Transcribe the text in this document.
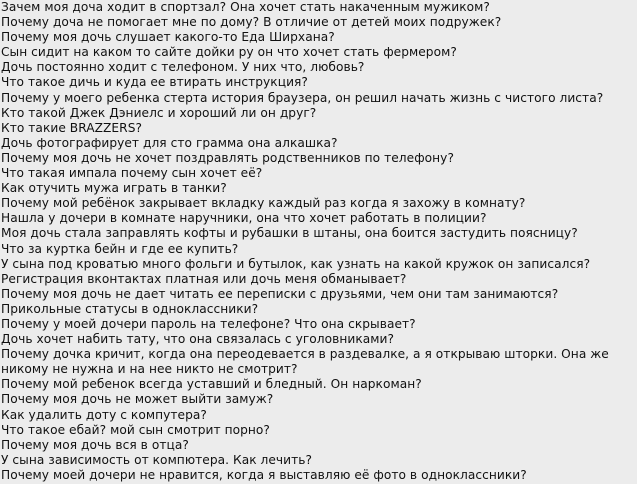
Зачем моя доча ходит в спортзал? Она хочет стать накаченным мужиком?
Почему доча не помогает мне по дому? В отличие от детей моих подружек?
Почему моя дочь слушает какого-то Еда Ширхана?
Сын сидит на каком то сайте дойки ру он что хочет стать фермером?
Дочь постоянно ходит с телефоном. У них что, любовь?
Что такое дичь и куда ее втирать инструкция?
Почему у моего ребенка стерта история браузера, он решил начать жизнь с чистого листа?
Кто такой Джек Дэниелс и хороший ли он друг?
Кто такие BRAZZERS?
Дочь фотографирует для сто грамма она алкашка?
Почему моя дочь не хочет поздравлять родственников по телефону?
Что такая импала почему сын хочет её?
Как отучить мужа играть в танки?
Почему мой ребёнок закрывает вкладку каждый раз когда я захожу в комнату?
Нашла у дочери в комнате наручники, она что хочет работать в полиции?
Моя дочь стала заправлять кофты и рубашки в штаны, она боится застудить поясницу?
Что за куртка бейн и где ее купить?
У сына под кроватью много фольги и бутылок, как узнать на какой кружок он записался?
Регистрация вконтактах платная или дочь меня обманывает?
Почему моя дочь не дает читать ее переписки с друзьями, чем они там занимаются?
Прикольные статусы в одноклассники?
Почему у моей дочери пароль на телефоне? Что она скрывает?
Дочь хочет набить тату, что она связалась с уголовниками?
Почему дочка кричит, когда она переодевается в раздевалке, а я открываю шторки. Она же никому не нужна и на нее никто не смотрит?
Почему мой ребенок всегда уставший и бледный. Он наркоман?
Почему моя дочь не может выйти замуж?
Как удалить доту с компутера?
Что такое ебай? мой сын смотрит порно?
Почему моя дочь вся в отца?
У сына зависимость от компютера. Как лечить?
Почему моей дочери не нравится, когда я выставляю её фото в одноклассники?
